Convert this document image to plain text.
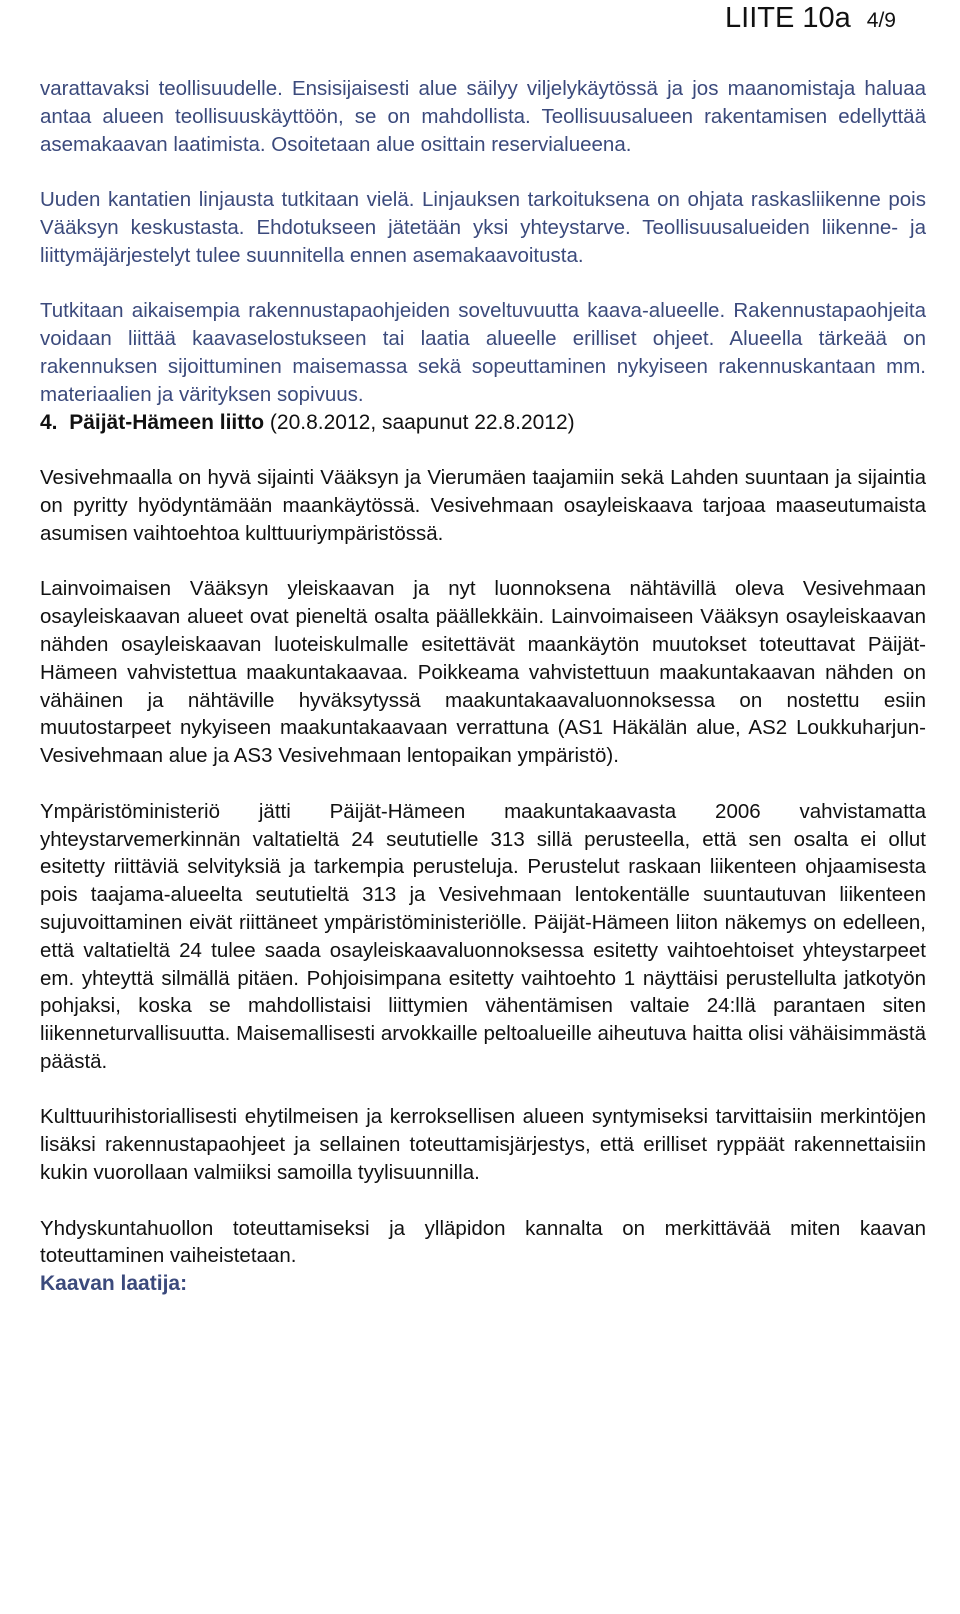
LIITE 10a 4/9

varattavaksi teollisuudelle. Ensisijaisesti alue säilyy viljelykäytössä ja jos maanomistaja haluaa antaa alueen teollisuuskäyttöön, se on mahdollista. Teollisuusalueen rakentamisen edellyttää asemakaavan laatimista. Osoitetaan alue osittain reservialueena.

Uuden kantatien linjausta tutkitaan vielä. Linjauksen tarkoituksena on ohjata raskasliikenne pois Vääksyn keskustasta. Ehdotukseen jätetään yksi yhteystarve. Teollisuusalueiden liikenne- ja liittymäjärjestelyt tulee suunnitella ennen asemakaavoitusta.

Tutkitaan aikaisempia rakennustapaohjeiden soveltuvuutta kaava-alueelle. Rakennustapaohjeita voidaan liittää kaavaselostukseen tai laatia alueelle erilliset ohjeet. Alueella tärkeää on rakennuksen sijoittuminen maisemassa sekä sopeuttaminen nykyiseen rakennuskantaan mm. materiaalien ja värityksen sopivuus.

4. Päijät-Hämeen liitto (20.8.2012, saapunut 22.8.2012)

Vesivehmaalla on hyvä sijainti Vääksyn ja Vierumäen taajamiin sekä Lahden suuntaan ja sijaintia on pyritty hyödyntämään maankäytössä. Vesivehmaan osayleiskaava tarjoaa maaseutumaista asumisen vaihtoehtoa kulttuuriympäristössä.

Lainvoimaisen Vääksyn yleiskaavan ja nyt luonnoksena nähtävillä oleva Vesivehmaan osayleiskaavan alueet ovat pieneltä osalta päällekkäin. Lainvoimaiseen Vääksyn osayleiskaavan nähden osayleiskaavan luoteiskulmalle esitettävät maankäytön muutokset toteuttavat Päijät-Hämeen vahvistettua maakuntakaavaa. Poikkeama vahvistettuun maakuntakaavan nähden on vähäinen ja nähtäville hyväksytyssä maakuntakaavaluonnoksessa on nostettu esiin muutostarpeet nykyiseen maakuntakaavaan verrattuna (AS1 Häkälän alue, AS2 Loukkuharjun- Vesivehmaan alue ja AS3 Vesivehmaan lentopaikan ympäristö).

Ympäristöministeriö jätti Päijät-Hämeen maakuntakaavasta 2006 vahvistamatta yhteystarvemerkinnän valtatieltä 24 seututielle 313 sillä perusteella, että sen osalta ei ollut esitetty riittäviä selvityksiä ja tarkempia perusteluja. Perustelut raskaan liikenteen ohjaamisesta pois taajama-alueelta seututieltä 313 ja Vesivehmaan lentokentälle suuntautuvan liikenteen sujuvoittaminen eivät riittäneet ympäristöministeriölle. Päijät-Hämeen liiton näkemys on edelleen, että valtatieltä 24 tulee saada osayleiskaavaluonnoksessa esitetty vaihtoehtoiset yhteystarpeet em. yhteyttä silmällä pitäen. Pohjoisimpana esitetty vaihtoehto 1 näyttäisi perustellulta jatkotyön pohjaksi, koska se mahdollistaisi liittymien vähentämisen valtaie 24:llä parantaen siten liikenneturvallisuutta. Maisemallisesti arvokkaille peltoalueille aiheutuva haitta olisi vähäisimmästä päästä.

Kulttuurihistoriallisesti ehytilmeisen ja kerroksellisen alueen syntymiseksi tarvittaisiin merkintöjen lisäksi rakennustapaohjeet ja sellainen toteuttamisjärjestys, että erilliset ryppäät rakennettaisiin kukin vuorollaan valmiiksi samoilla tyylisuunnilla.

Yhdyskuntahuollon toteuttamiseksi ja ylläpidon kannalta on merkittävää miten kaavan toteuttaminen vaiheistetaan.

Kaavan laatija:
